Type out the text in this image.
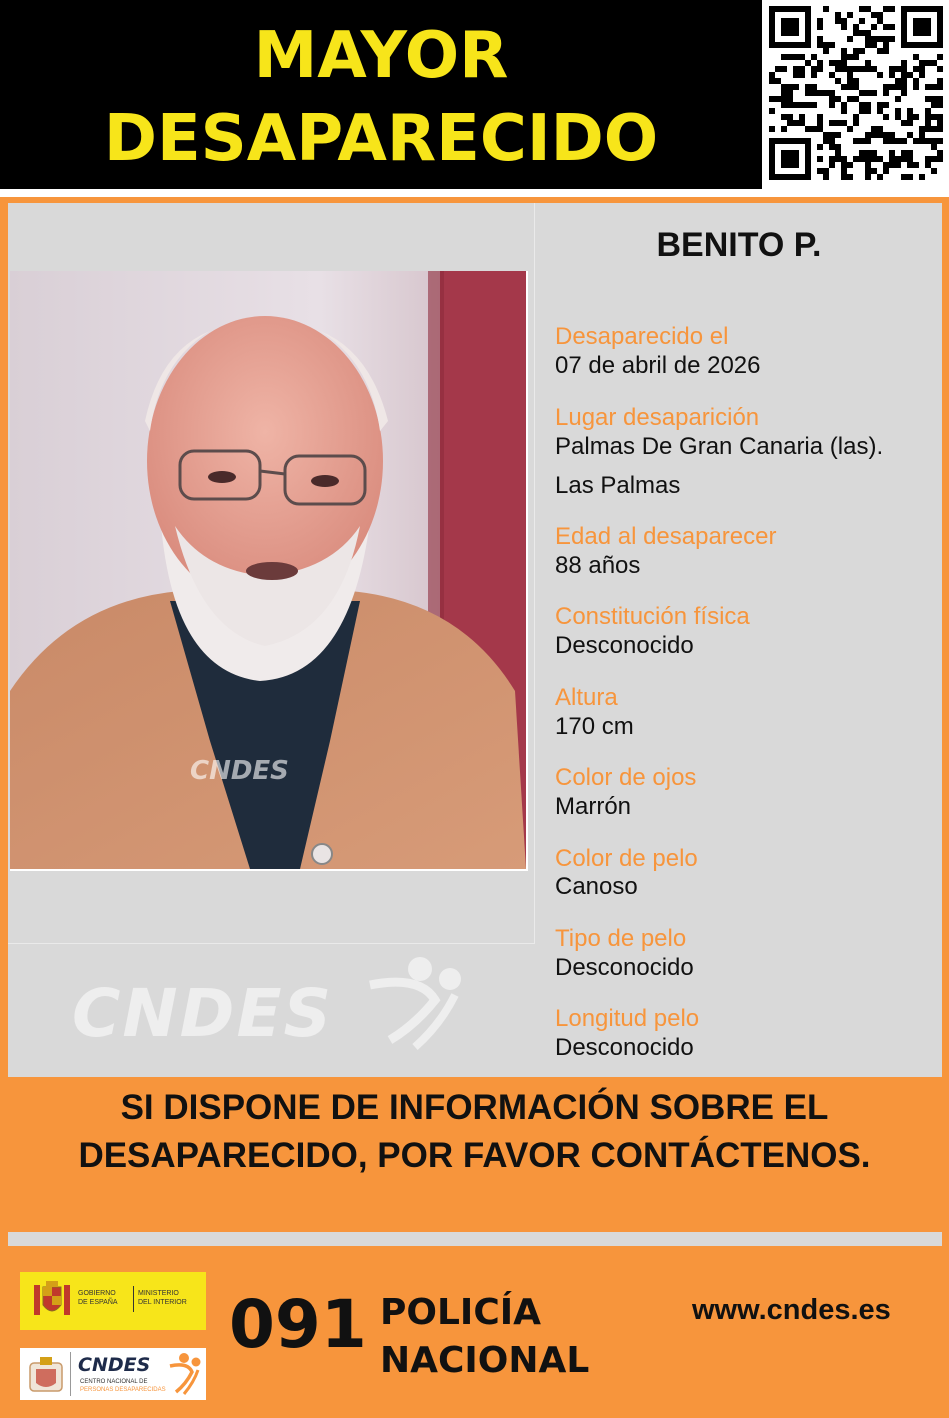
MAYOR
DESAPARECIDO
CNDES
CNDES
BENITO P.
Desaparecido el
07 de abril de 2026
Lugar desaparición
Palmas De Gran Canaria (las).
Las Palmas
Edad al desaparecer
88 años
Constitución física
Desconocido
Altura
170 cm
Color de ojos
Marrón
Color de pelo
Canoso
Tipo de pelo
Desconocido
Longitud pelo
Desconocido
SI DISPONE DE INFORMACIÓN SOBRE EL
DESAPARECIDO, POR FAVOR CONTÁCTENOS.
GOBIERNO
DE ESPAÑA
MINISTERIO
DEL INTERIOR
CNDES
CENTRO NACIONAL DE
PERSONAS DESAPARECIDAS
091 POLICÍA
NACIONAL
www.cndes.es
